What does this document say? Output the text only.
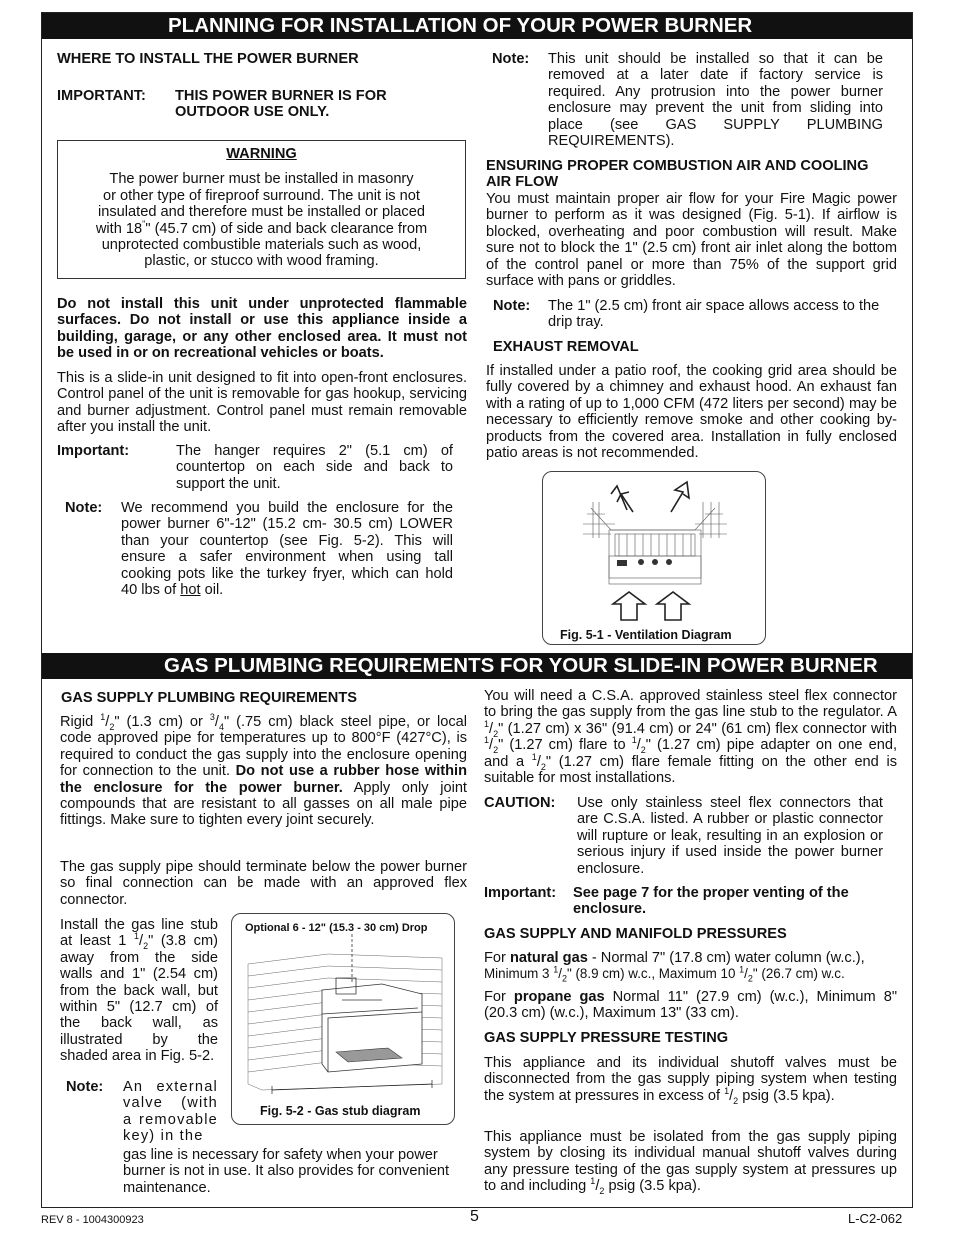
PLANNING FOR INSTALLATION OF YOUR POWER BURNER
WHERE TO INSTALL THE POWER BURNER
IMPORTANT:	THIS POWER BURNER IS FOR
OUTDOOR USE ONLY.
WARNING
The power burner must be installed in masonry
or other type of fireproof surround. The unit is not
insulated and therefore must be installed or placed
with 18"" (45.7 cm) of side and back clearance from
unprotected combustible materials such as wood,
plastic, or stucco with wood framing.
Do not install this unit under unprotected flammable surfaces. Do not install or use this appliance inside a building, garage, or any other enclosed area. It must not be used in or on recreational vehicles or boats.
This is a slide-in unit designed to fit into open-front enclosures. Control panel of the unit is removable for gas hookup, servicing and burner adjustment. Control panel must remain removable after you install the unit.
Important:	The hanger requires 2" (5.1 cm) of countertop on each side and back to support the unit.
Note:	We recommend you build the enclosure for the power burner 6"-12" (15.2 cm- 30.5 cm) LOWER than your countertop (see Fig. 5-2). This will ensure a safer environment when using tall cooking pots like the turkey fryer, which can hold 40 lbs of hot oil.
Note:	This unit should be installed so that it can be removed at a later date if factory service is required. Any protrusion into the power burner enclosure may prevent the unit from sliding into place (see GAS SUPPLY PLUMBING REQUIREMENTS).
ENSURING PROPER COMBUSTION AIR AND COOLING AIR FLOW
You must maintain proper air flow for your Fire Magic power burner to perform as it was designed (Fig. 5-1). If airflow is blocked, overheating and poor combustion will result. Make sure not to block the 1" (2.5 cm) front air inlet along the bottom of the control panel or more than 75% of the support grid surface with pans or griddles.
Note:	The 1" (2.5 cm) front air space allows access to the drip tray.
EXHAUST REMOVAL
If installed under a patio roof, the cooking grid area should be fully covered by a chimney and exhaust hood. An exhaust fan with a rating of up to 1,000 CFM (472 liters per second) may be necessary to efficiently remove smoke and other cooking by-products from the covered area. Installation in fully enclosed patio areas is not recommended.
Fig. 5-1 - Ventilation Diagram
GAS PLUMBING REQUIREMENTS FOR YOUR SLIDE-IN POWER BURNER
GAS SUPPLY PLUMBING REQUIREMENTS
Rigid $^1/_2$" (1.3 cm) or $^3/_4$" (.75 cm) black steel pipe, or local code approved pipe for temperatures up to 800°F (427°C), is required to conduct the gas supply into the enclosure opening for connection to the unit. Do not use a rubber hose within the enclosure for the power burner. Apply only joint compounds that are resistant to all gasses on all male pipe fittings. Make sure to tighten every joint securely.
The gas supply pipe should terminate below the power burner so final connection can be made with an approved flex connector.
Install the gas line stub at least 1 $^1/_2$" (3.8 cm) away from the side walls and 1" (2.54 cm) from the back wall, but within 5" (12.7 cm) of the back wall, as illustrated by the shaded area in Fig. 5-2.
Note:	An external valve (with a removable key) in the
gas line is necessary for safety when your power burner is not in use. It also provides for convenient maintenance.
Optional 6 - 12" (15.3 - 30 cm) Drop
Fig. 5-2 - Gas stub diagram
You will need a C.S.A. approved stainless steel flex connector to bring the gas supply from the gas line stub to the regulator. A $^1/_2$" (1.27 cm) x 36" (91.4 cm) or 24" (61 cm) flex connector with $^1/_2$" (1.27 cm) flare to $^1/_2$" (1.27 cm) pipe adapter on one end, and a $^1/_2$" (1.27 cm) flare female fitting on the other end is suitable for most installations.
CAUTION:	Use only stainless steel flex connectors that are C.S.A. listed. A rubber or plastic connector will rupture or leak, resulting in an explosion or serious injury if used inside the power burner enclosure.
Important:	See page 7 for the proper venting of the enclosure.
GAS SUPPLY AND MANIFOLD PRESSURES
For natural gas - Normal 7" (17.8 cm) water column (w.c.), Minimum 3 $^1/_2$" (8.9 cm) w.c., Maximum 10 $^1/_2$" (26.7 cm) w.c.
For propane gas Normal 11" (27.9 cm) (w.c.), Minimum 8" (20.3 cm) (w.c.), Maximum 13" (33 cm).
GAS SUPPLY PRESSURE TESTING
This appliance and its individual shutoff valves must be disconnected from the gas supply piping system when testing the system at pressures in excess of $^1/_2$ psig (3.5 kpa).
This appliance must be isolated from the gas supply piping system by closing its individual manual shutoff valves during any pressure testing of the gas supply system at pressures up to and including $^1/_2$ psig (3.5 kpa).
REV 8 - 1004300923	5	L-C2-062
